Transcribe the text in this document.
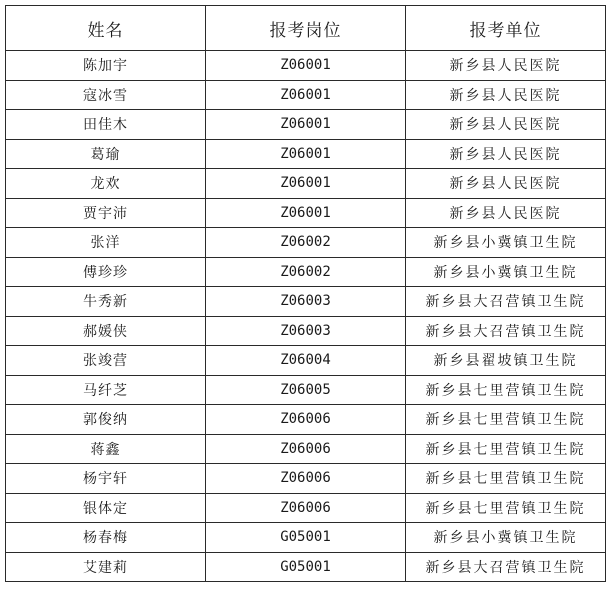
姓名	报考岗位	报考单位
陈加宇	Z06001	新乡县人民医院
寇冰雪	Z06001	新乡县人民医院
田佳木	Z06001	新乡县人民医院
葛瑜	Z06001	新乡县人民医院
龙欢	Z06001	新乡县人民医院
贾宇沛	Z06001	新乡县人民医院
张洋	Z06002	新乡县小冀镇卫生院
傅珍珍	Z06002	新乡县小冀镇卫生院
牛秀新	Z06003	新乡县大召营镇卫生院
郝媛侠	Z06003	新乡县大召营镇卫生院
张竣营	Z06004	新乡县翟坡镇卫生院
马纤芝	Z06005	新乡县七里营镇卫生院
郭俊纳	Z06006	新乡县七里营镇卫生院
蒋鑫	Z06006	新乡县七里营镇卫生院
杨宇轩	Z06006	新乡县七里营镇卫生院
银体定	Z06006	新乡县七里营镇卫生院
杨春梅	G05001	新乡县小冀镇卫生院
艾建莉	G05001	新乡县大召营镇卫生院
